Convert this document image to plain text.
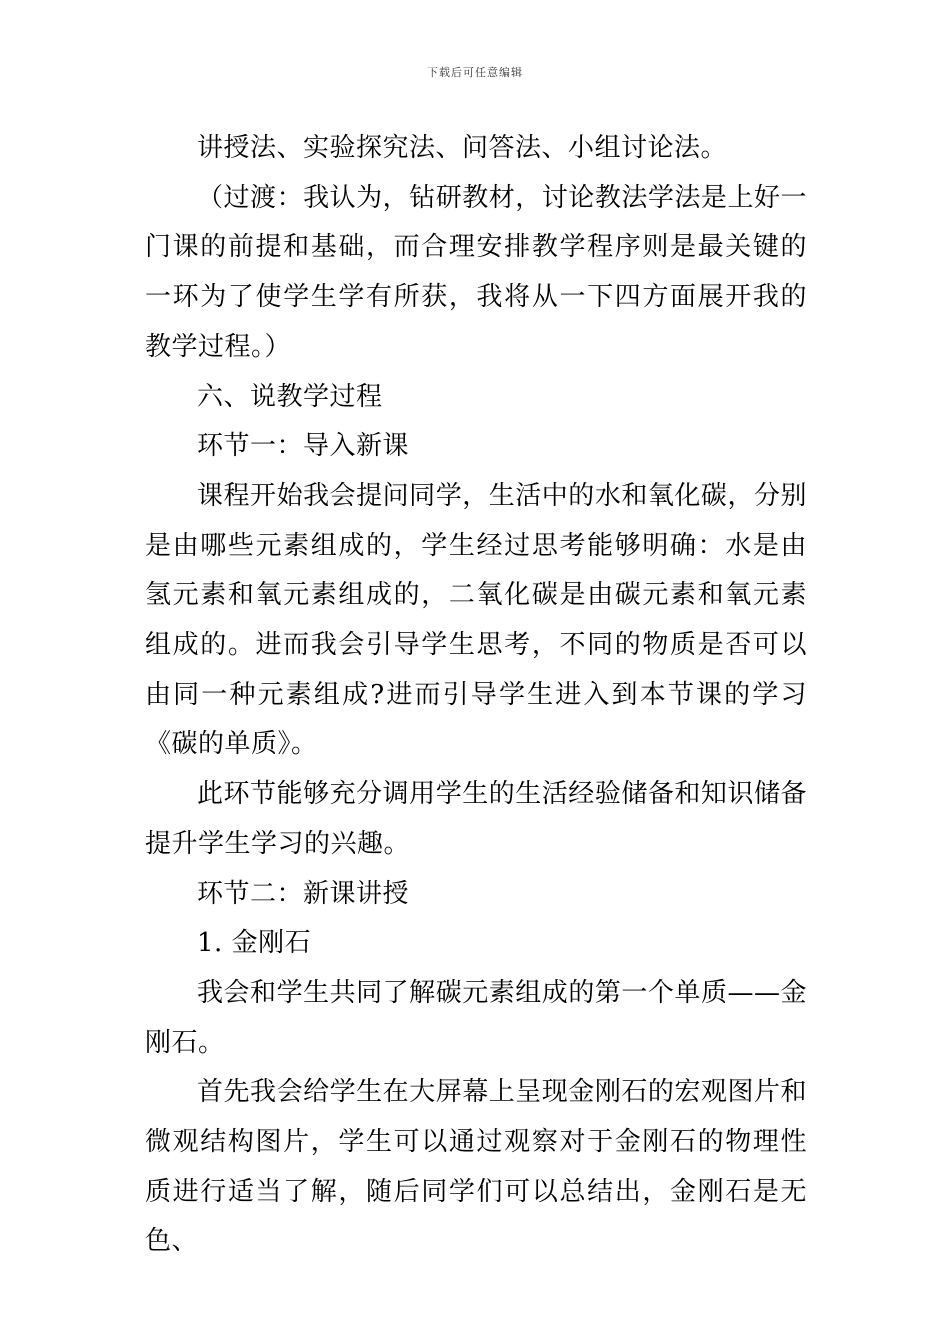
下载后可任意编辑

讲授法、实验探究法、问答法、小组讨论法。

（过渡：我认为，钻研教材，讨论教法学法是上好一门课的前提和基础，而合理安排教学程序则是最关键的一环为了使学生学有所获，我将从一下四方面展开我的教学过程。）

六、说教学过程

环节一：导入新课

课程开始我会提问同学，生活中的水和氧化碳，分别是由哪些元素组成的，学生经过思考能够明确：水是由氢元素和氧元素组成的，二氧化碳是由碳元素和氧元素组成的。进而我会引导学生思考，不同的物质是否可以由同一种元素组成?进而引导学生进入到本节课的学习《碳的单质》。

此环节能够充分调用学生的生活经验储备和知识储备提升学生学习的兴趣。

环节二：新课讲授

1. 金刚石

我会和学生共同了解碳元素组成的第一个单质——金刚石。

首先我会给学生在大屏幕上呈现金刚石的宏观图片和微观结构图片，学生可以通过观察对于金刚石的物理性质进行适当了解，随后同学们可以总结出，金刚石是无色、
